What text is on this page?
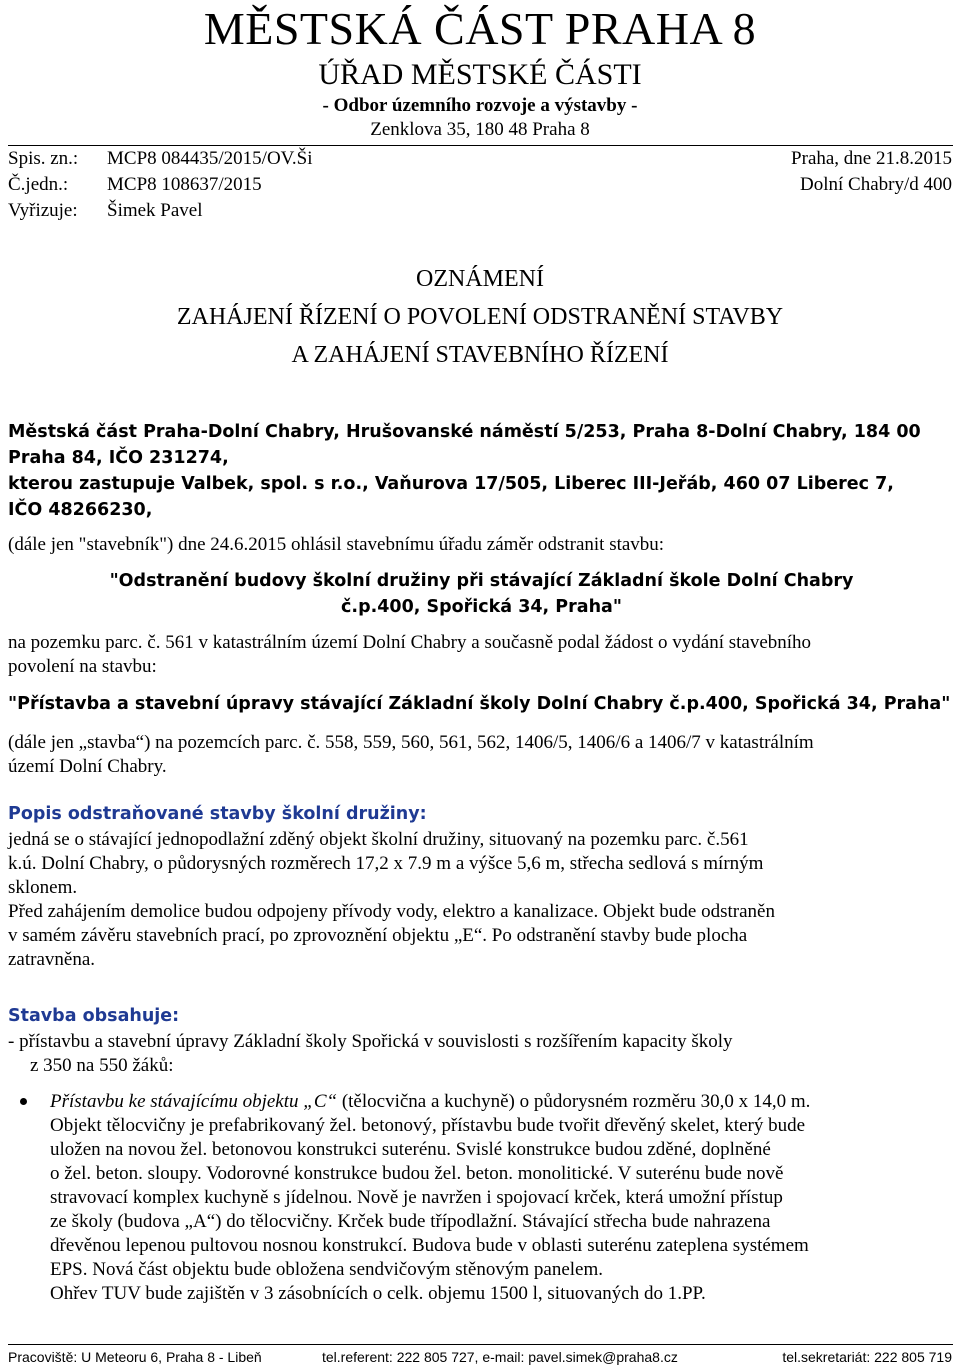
MĚSTSKÁ ČÁST PRAHA 8
ÚŘAD MĚSTSKÉ ČÁSTI
- Odbor územního rozvoje a výstavby -
Zenklova 35, 180 48 Praha 8
Spis. zn.: MCP8 084435/2015/OV.Ši	Praha, dne 21.8.2015
Č.jedn.: MCP8 108637/2015	Dolní Chabry/d 400
Vyřizuje: Šimek Pavel
OZNÁMENÍ
ZAHÁJENÍ ŘÍZENÍ O POVOLENÍ ODSTRANĚNÍ STAVBY
A ZAHÁJENÍ STAVEBNÍHO ŘÍZENÍ
Městská část Praha-Dolní Chabry, Hrušovanské náměstí 5/253, Praha 8-Dolní Chabry, 184 00
Praha 84, IČO 231274,
kterou zastupuje Valbek, spol. s r.o., Vaňurova 17/505, Liberec III-Jeřáb, 460 07 Liberec 7,
IČO 48266230,
(dále jen "stavebník") dne 24.6.2015 ohlásil stavebnímu úřadu záměr odstranit stavbu:
"Odstranění budovy školní družiny při stávající Základní škole Dolní Chabry
č.p.400, Spořická 34, Praha"
na pozemku parc. č. 561 v katastrálním území Dolní Chabry a současně podal žádost o vydání stavebního
povolení na stavbu:
"Přístavba a stavební úpravy stávající Základní školy Dolní Chabry č.p.400, Spořická 34, Praha"
(dále jen „stavba“) na pozemcích parc. č. 558, 559, 560, 561, 562, 1406/5, 1406/6 a 1406/7 v katastrálním
území Dolní Chabry.
Popis odstraňované stavby školní družiny:
jedná se o stávající jednopodlažní zděný objekt školní družiny, situovaný na pozemku parc. č.561
k.ú. Dolní Chabry, o půdorysných rozměrech 17,2 x 7.9 m a výšce 5,6 m, střecha sedlová s mírným
sklonem.
Před zahájením demolice budou odpojeny přívody vody, elektro a kanalizace. Objekt bude odstraněn
v samém závěru stavebních prací, po zprovoznění objektu „E“. Po odstranění stavby bude plocha
zatravněna.
Stavba obsahuje:
- přístavbu a stavební úpravy Základní školy Spořická v souvislosti s rozšířením kapacity školy
z 350 na 550 žáků:
Přístavbu ke stávajícímu objektu „C“ (tělocvična a kuchyně) o půdorysném rozměru 30,0 x 14,0 m.
Objekt tělocvičny je prefabrikovaný žel. betonový, přístavbu bude tvořit dřevěný skelet, který bude
uložen na novou žel. betonovou konstrukci suterénu. Svislé konstrukce budou zděné, doplněné
o žel. beton. sloupy. Vodorovné konstrukce budou žel. beton. monolitické. V suterénu bude nově
stravovací komplex kuchyně s jídelnou. Nově je navržen i spojovací krček, která umožní přístup
ze školy (budova „A“) do tělocvičny. Krček bude třípodlažní. Stávající střecha bude nahrazena
dřevěnou lepenou pultovou nosnou konstrukcí. Budova bude v oblasti suterénu zateplena systémem
EPS. Nová část objektu bude obložena sendvičovým stěnovým panelem.
Ohřev TUV bude zajištěn v 3 zásobnících o celk. objemu 1500 l, situovaných do 1.PP.
Pracoviště: U Meteoru 6, Praha 8 - Libeň	tel.referent: 222 805 727, e-mail: pavel.simek@praha8.cz	tel.sekretariát: 222 805 719
